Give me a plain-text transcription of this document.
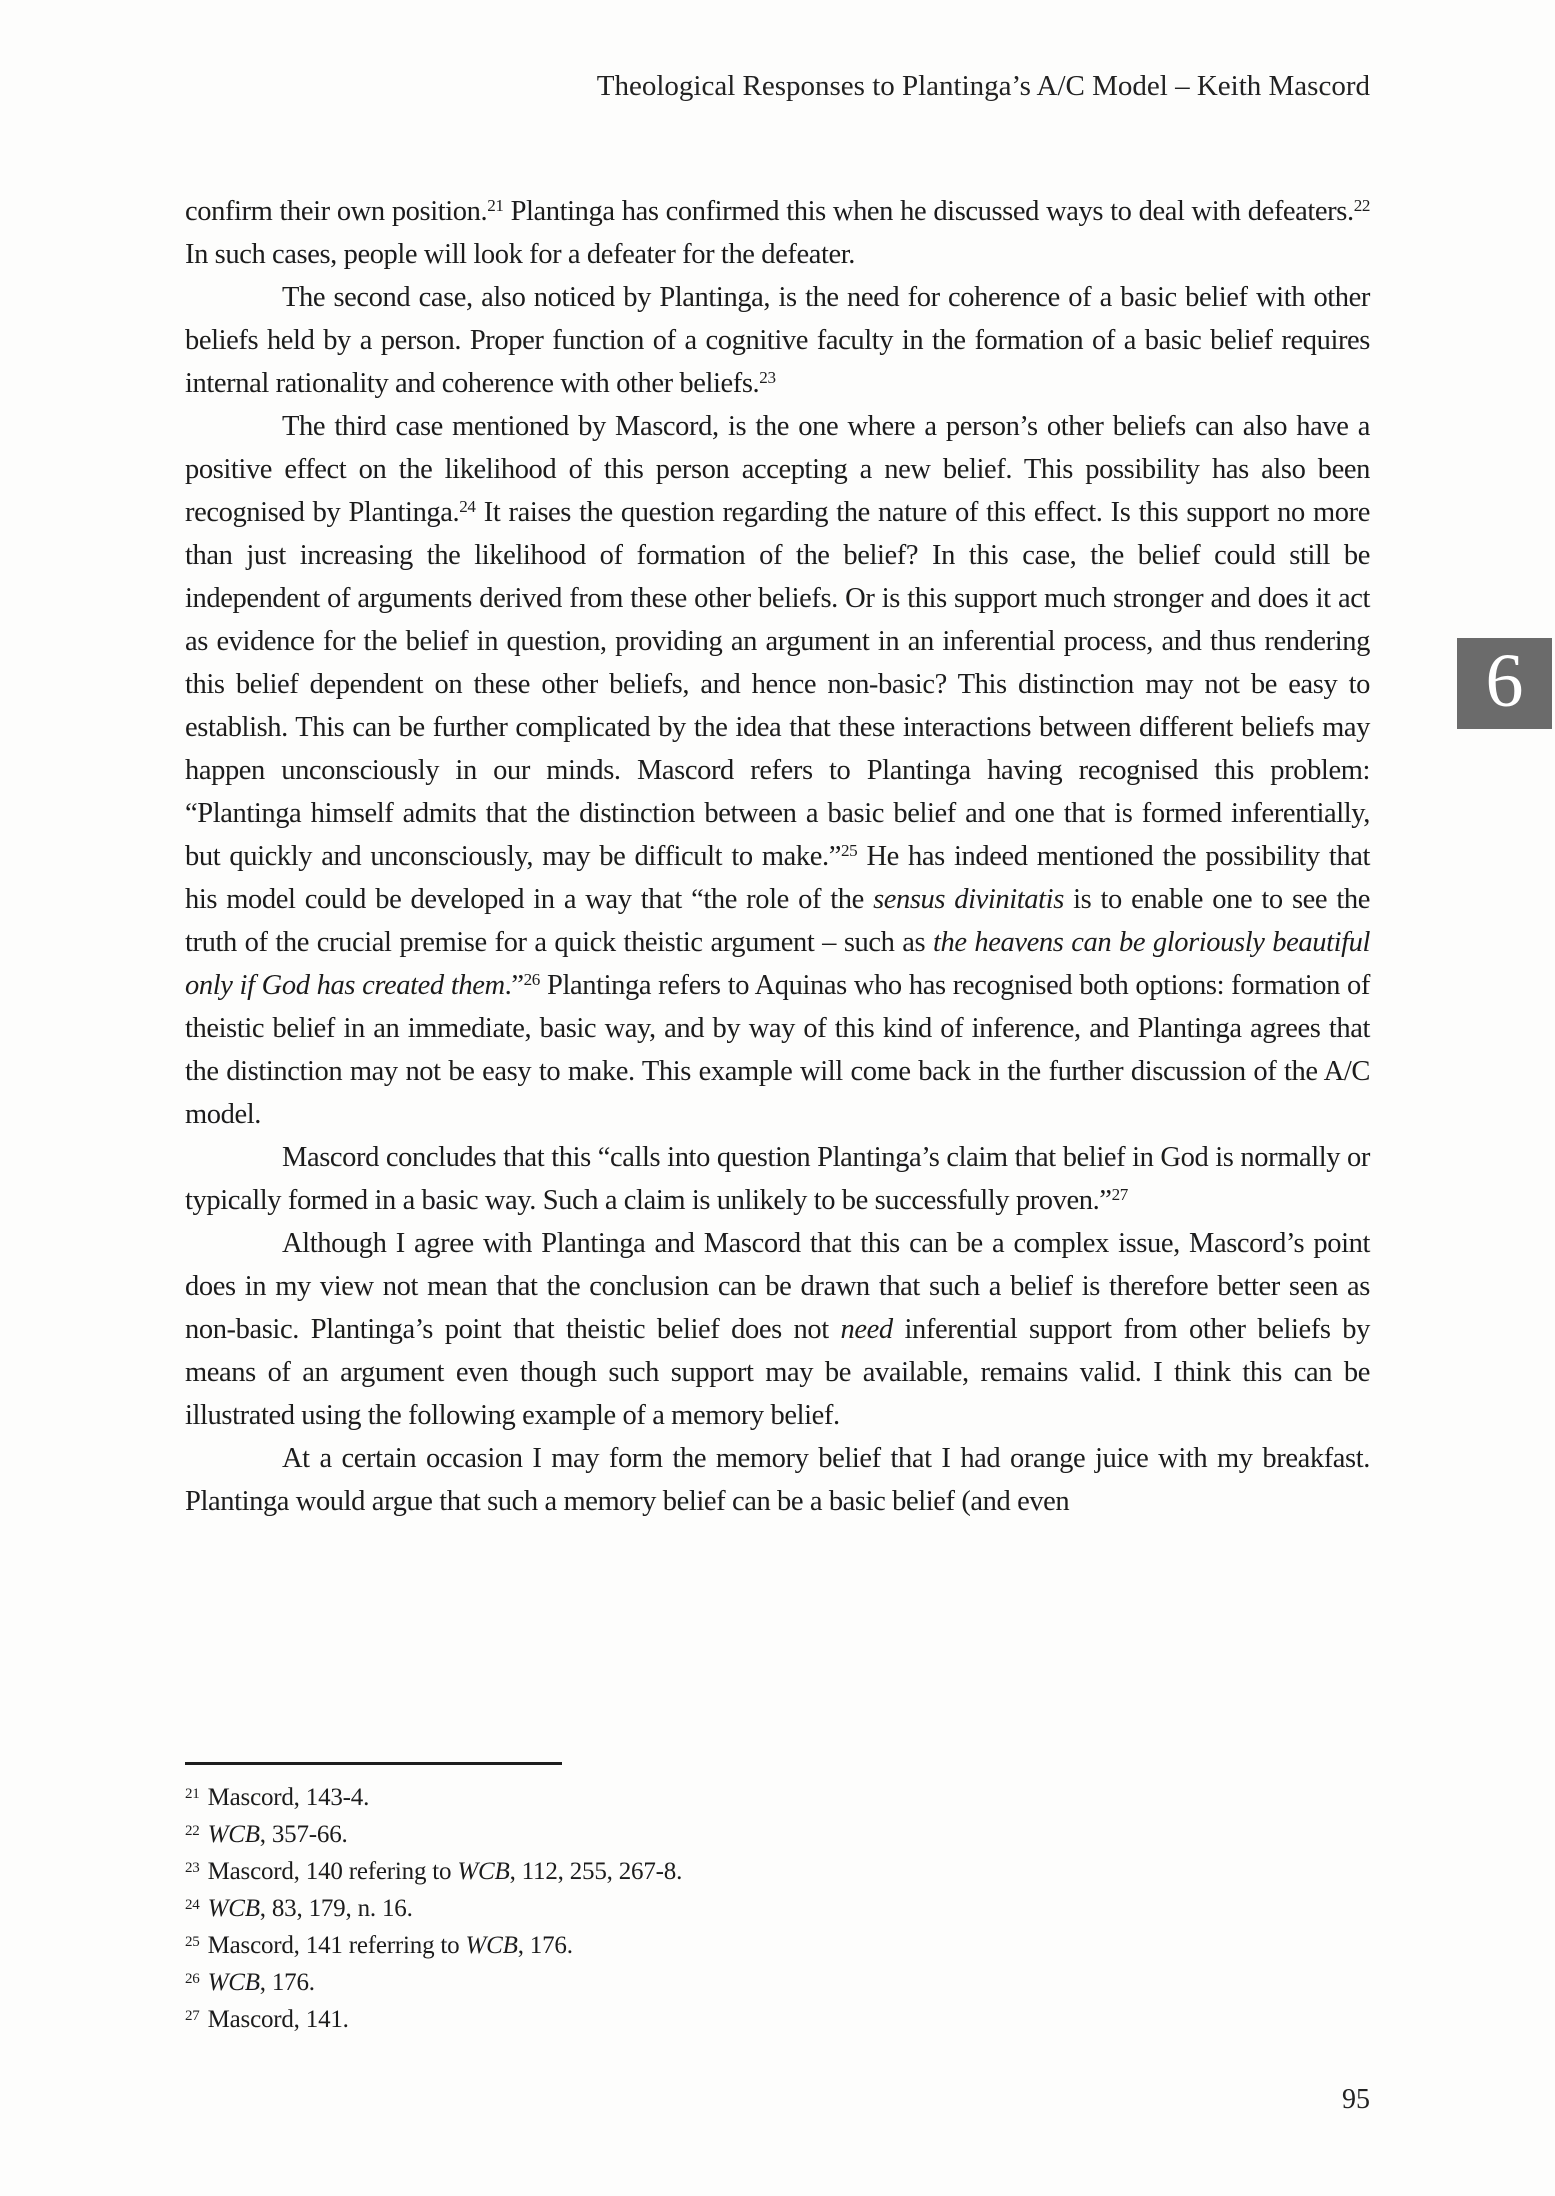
Theological Responses to Plantinga’s A/C Model – Keith Mascord
6

confirm their own position.$^{21}$ Plantinga has confirmed this when he discussed ways to deal with defeaters.$^{22}$ In such cases, people will look for a defeater for the defeater.

The second case, also noticed by Plantinga, is the need for coherence of a basic belief with other beliefs held by a person. Proper function of a cognitive faculty in the formation of a basic belief requires internal rationality and coherence with other beliefs.$^{23}$

The third case mentioned by Mascord, is the one where a person’s other beliefs can also have a positive effect on the likelihood of this person accepting a new belief. This possibility has also been recognised by Plantinga.$^{24}$ It raises the question regarding the nature of this effect. Is this support no more than just increasing the likelihood of formation of the belief? In this case, the belief could still be independent of arguments derived from these other beliefs. Or is this support much stronger and does it act as evidence for the belief in question, providing an argument in an inferential process, and thus rendering this belief dependent on these other beliefs, and hence non-basic? This distinction may not be easy to establish. This can be further complicated by the idea that these interactions between different beliefs may happen unconsciously in our minds. Mascord refers to Plantinga having recognised this problem: “Plantinga himself admits that the distinction between a basic belief and one that is formed inferentially, but quickly and unconsciously, may be difficult to make.”$^{25}$ He has indeed mentioned the possibility that his model could be developed in a way that “the role of the sensus divinitatis is to enable one to see the truth of the crucial premise for a quick theistic argument – such as the heavens can be gloriously beautiful only if God has created them.”$^{26}$ Plantinga refers to Aquinas who has recognised both options: formation of theistic belief in an immediate, basic way, and by way of this kind of inference, and Plantinga agrees that the distinction may not be easy to make. This example will come back in the further discussion of the A/C model.

Mascord concludes that this “calls into question Plantinga’s claim that belief in God is normally or typically formed in a basic way. Such a claim is unlikely to be successfully proven.”$^{27}$

Although I agree with Plantinga and Mascord that this can be a complex issue, Mascord’s point does in my view not mean that the conclusion can be drawn that such a belief is therefore better seen as non-basic. Plantinga’s point that theistic belief does not need inferential support from other beliefs by means of an argument even though such support may be available, remains valid. I think this can be illustrated using the following example of a memory belief.

At a certain occasion I may form the memory belief that I had orange juice with my breakfast. Plantinga would argue that such a memory belief can be a basic belief (and even

$^{21}$ Mascord, 143-4.
$^{22}$ WCB, 357-66.
$^{23}$ Mascord, 140 refering to WCB, 112, 255, 267-8.
$^{24}$ WCB, 83, 179, n. 16.
$^{25}$ Mascord, 141 referring to WCB, 176.
$^{26}$ WCB, 176.
$^{27}$ Mascord, 141.
95
